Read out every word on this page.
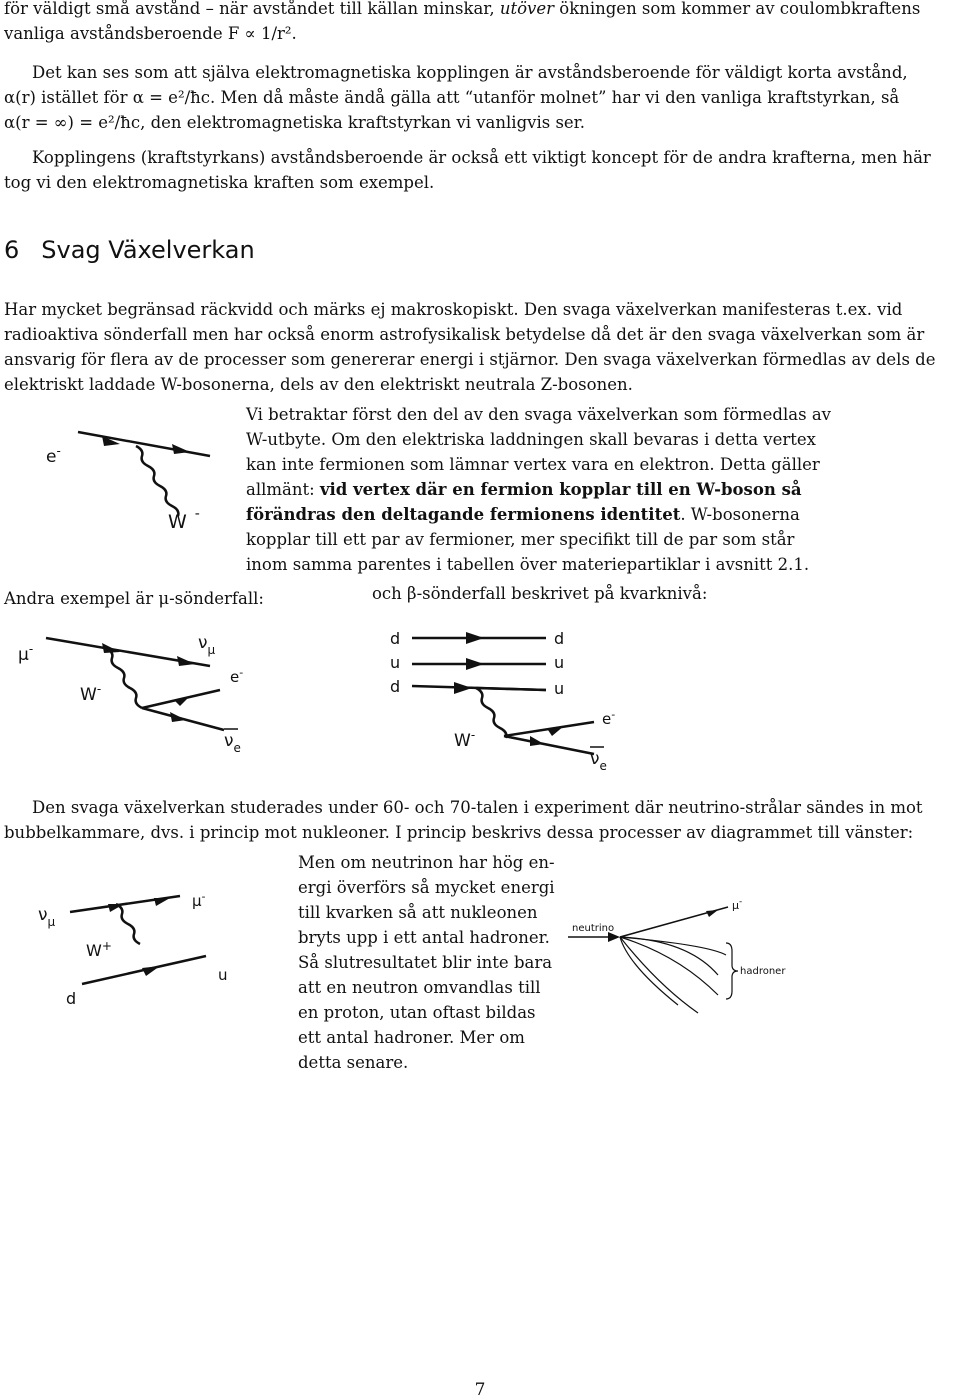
för väldigt små avstånd – när avståndet till källan minskar, utöver ökningen som kommer av coulombkraftens
vanliga avståndsberoende F ∝ 1/r².
Det kan ses som att själva elektromagnetiska kopplingen är avståndsberoende för väldigt korta avstånd,
α(r) istället för α = e²/ħc. Men då måste ändå gälla att “utanför molnet” har vi den vanliga kraftstyrkan, så
α(r = ∞) = e²/ħc, den elektromagnetiska kraftstyrkan vi vanligvis ser.
Kopplingens (kraftstyrkans) avståndsberoende är också ett viktigt koncept för de andra krafterna, men här
tog vi den elektromagnetiska kraften som exempel.
6 Svag Växelverkan
Har mycket begränsad räckvidd och märks ej makroskopiskt. Den svaga växelverkan manifesteras t.ex. vid
radioaktiva sönderfall men har också enorm astrofysikalisk betydelse då det är den svaga växelverkan som är
ansvarig för flera av de processer som genererar energi i stjärnor. Den svaga växelverkan förmedlas av dels de
elektriskt laddade W-bosonerna, dels av den elektriskt neutrala Z-bosonen.
e-
W -
Vi betraktar först den del av den svaga växelverkan som förmedlas av
W-utbyte. Om den elektriska laddningen skall bevaras i detta vertex
kan inte fermionen som lämnar vertex vara en elektron. Detta gäller
allmänt: vid vertex där en fermion kopplar till en W-boson så
förändras den deltagande fermionens identitet. W-bosonerna
kopplar till ett par av fermioner, mer specifikt till de par som står
inom samma parentes i tabellen över materiepartiklar i avsnitt 2.1.
Andra exempel är μ-sönderfall:	och β-sönderfall beskrivet på kvarknivå:
μ-	$\nu_\mu$
e-
W-
$\nu_e$
d
u
d
d
u
u
e-
W-
$\nu_e$
Den svaga växelverkan studerades under 60- och 70-talen i experiment där neutrino-strålar sändes in mot
bubbelkammare, dvs. i princip mot nukleoner. I princip beskrivs dessa processer av diagrammet till vänster:
$\nu_\mu$
μ-
W+
u
d
Men om neutrinon har hög en-
ergi överförs så mycket energi
till kvarken så att nukleonen
bryts upp i ett antal hadroner.
Så slutresultatet blir inte bara
att en neutron omvandlas till
en proton, utan oftast bildas
ett antal hadroner. Mer om
detta senare.
neutrino
μ-
hadroner
7
